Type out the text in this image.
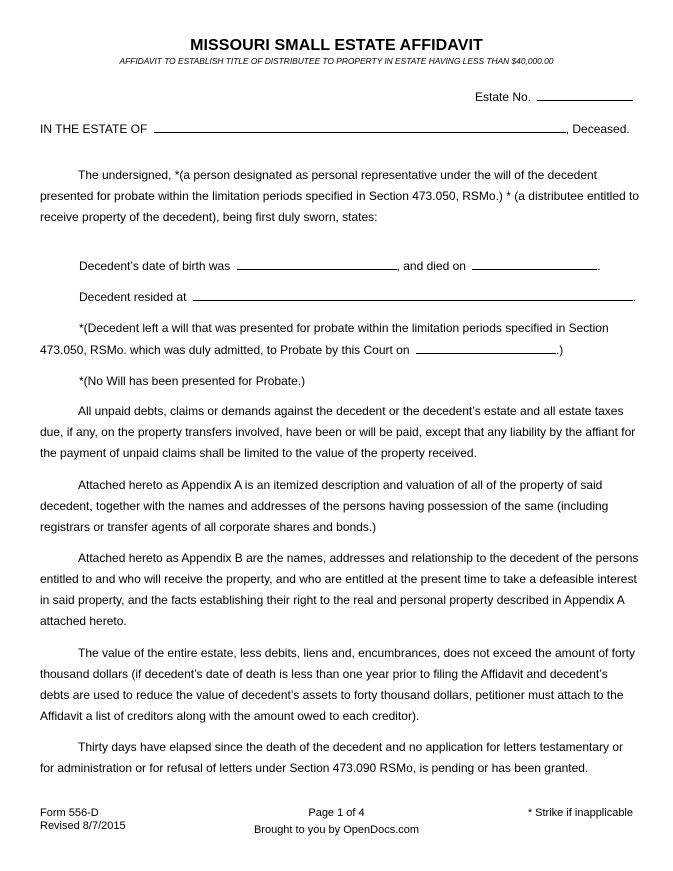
MISSOURI SMALL ESTATE AFFIDAVIT
AFFIDAVIT TO ESTABLISH TITLE OF DISTRIBUTEE TO PROPERTY IN ESTATE HAVING LESS THAN $40,000.00
Estate No.
IN THE ESTATE OF	, Deceased.

The undersigned, *(a person designated as personal representative under the will of the decedent presented for probate within the limitation periods specified in Section 473.050, RSMo.) * (a distributee entitled to receive property of the decedent), being first duly sworn, states:

Decedent’s date of birth was	, and died on	.
Decedent resided at	.
*(Decedent left a will that was presented for probate within the limitation periods specified in Section
473.050, RSMo. which was duly admitted, to Probate by this Court on	.)
*(No Will has been presented for Probate.)

All unpaid debts, claims or demands against the decedent or the decedent’s estate and all estate taxes due, if any, on the property transfers involved, have been or will be paid, except that any liability by the affiant for the payment of unpaid claims shall be limited to the value of the property received.

Attached hereto as Appendix A is an itemized description and valuation of all of the property of said decedent, together with the names and addresses of the persons having possession of the same (including registrars or transfer agents of all corporate shares and bonds.)

Attached hereto as Appendix B are the names, addresses and relationship to the decedent of the persons entitled to and who will receive the property, and who are entitled at the present time to take a defeasible interest in said property, and the facts establishing their right to the real and personal property described in Appendix A attached hereto.

The value of the entire estate, less debits, liens and, encumbrances, does not exceed the amount of forty thousand dollars (if decedent’s date of death is less than one year prior to filing the Affidavit and decedent’s debts are used to reduce the value of decedent’s assets to forty thousand dollars, petitioner must attach to the Affidavit a list of creditors along with the amount owed to each creditor).

Thirty days have elapsed since the death of the decedent and no application for letters testamentary or for administration or for refusal of letters under Section 473.090 RSMo, is pending or has been granted.

Form 556-D
Revised 8/7/2015
Page 1 of 4
Brought to you by OpenDocs.com
* Strike if inapplicable
